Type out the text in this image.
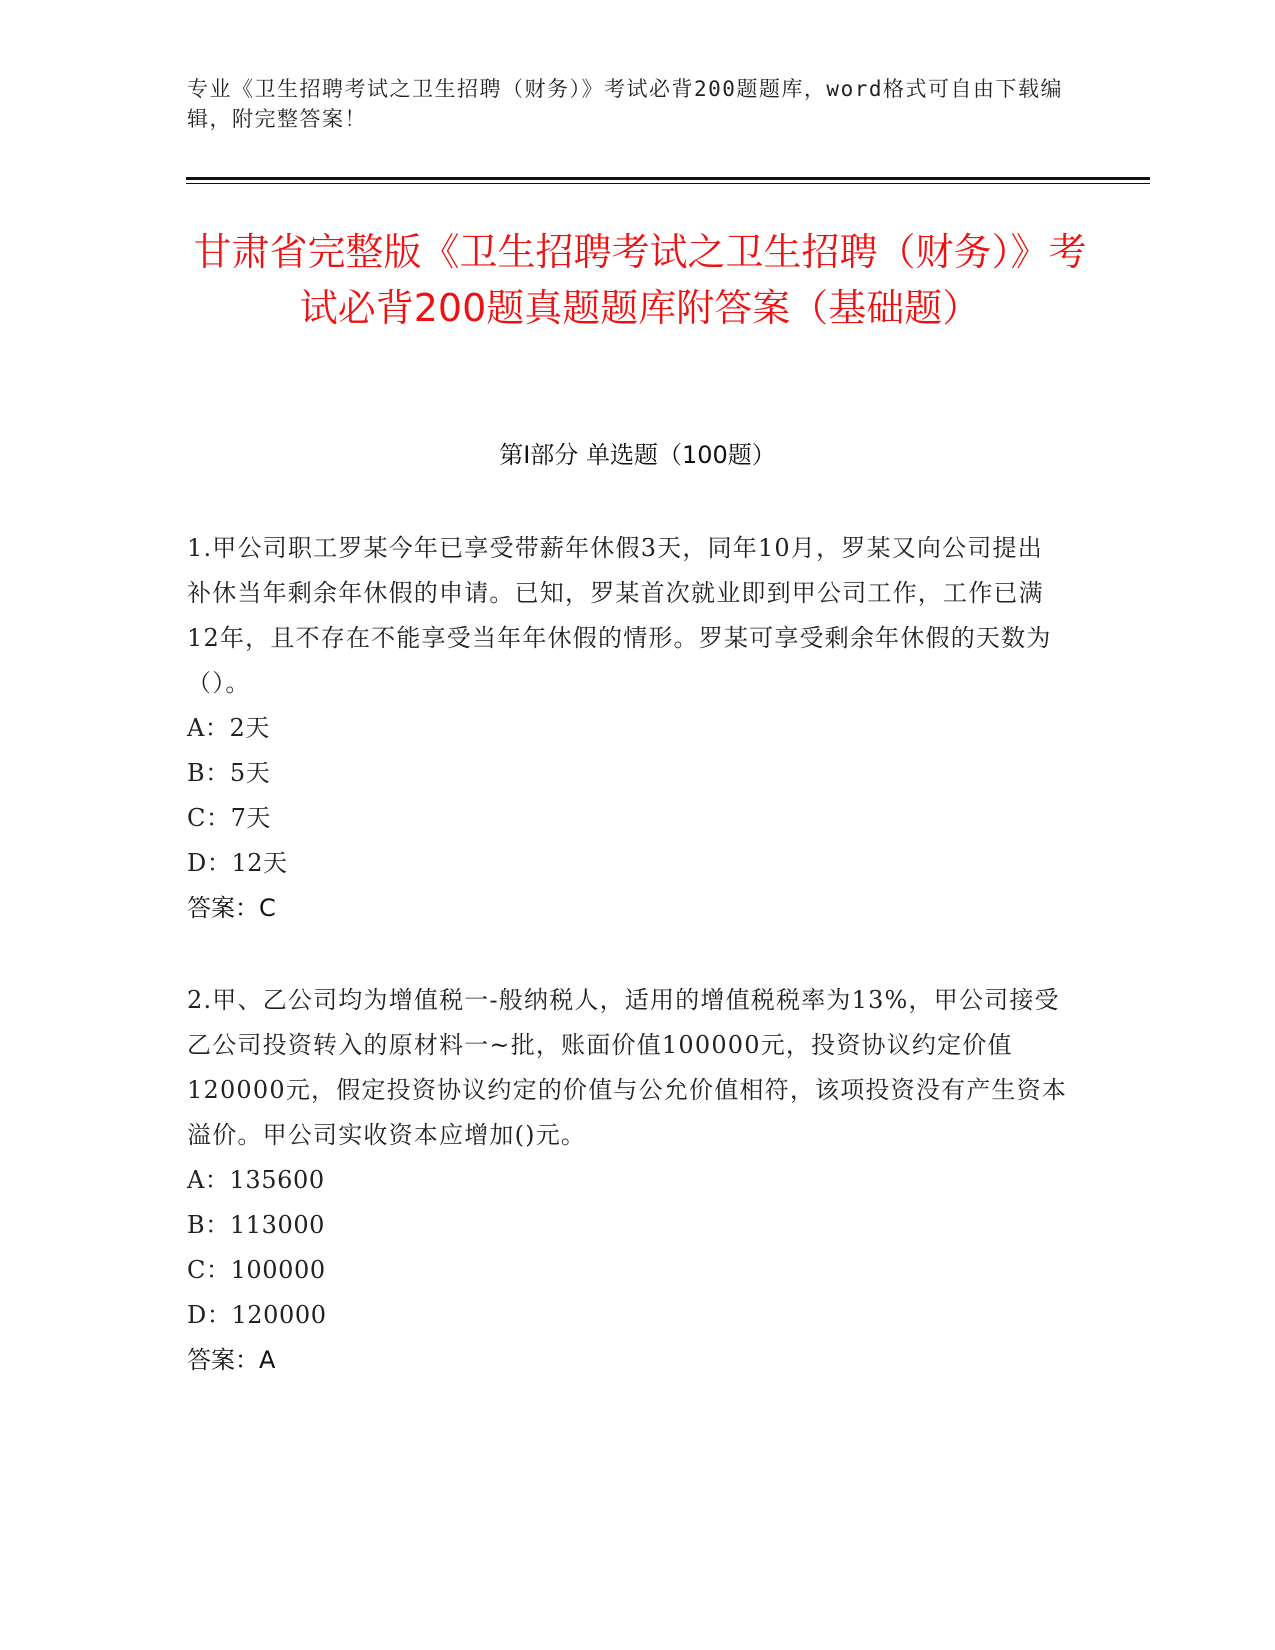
专业《卫生招聘考试之卫生招聘（财务）》考试必背200题题库，word格式可自由下载编辑，附完整答案！
甘肃省完整版《卫生招聘考试之卫生招聘（财务）》考试必背200题真题题库附答案（基础题）
第I部分 单选题（100题）
1.甲公司职工罗某今年已享受带薪年休假3天，同年10月，罗某又向公司提出补休当年剩余年休假的申请。已知，罗某首次就业即到甲公司工作，工作已满12年，且不存在不能享受当年年休假的情形。罗某可享受剩余年休假的天数为（）。
A：2天
B：5天
C：7天
D：12天
答案：C
2.甲、乙公司均为增值税一-般纳税人，适用的增值税税率为13%，甲公司接受乙公司投资转入的原材料一~批，账面价值100000元，投资协议约定价值120000元，假定投资协议约定的价值与公允价值相符，该项投资没有产生资本溢价。甲公司实收资本应增加()元。
A：135600
B：113000
C：100000
D：120000
答案：A
